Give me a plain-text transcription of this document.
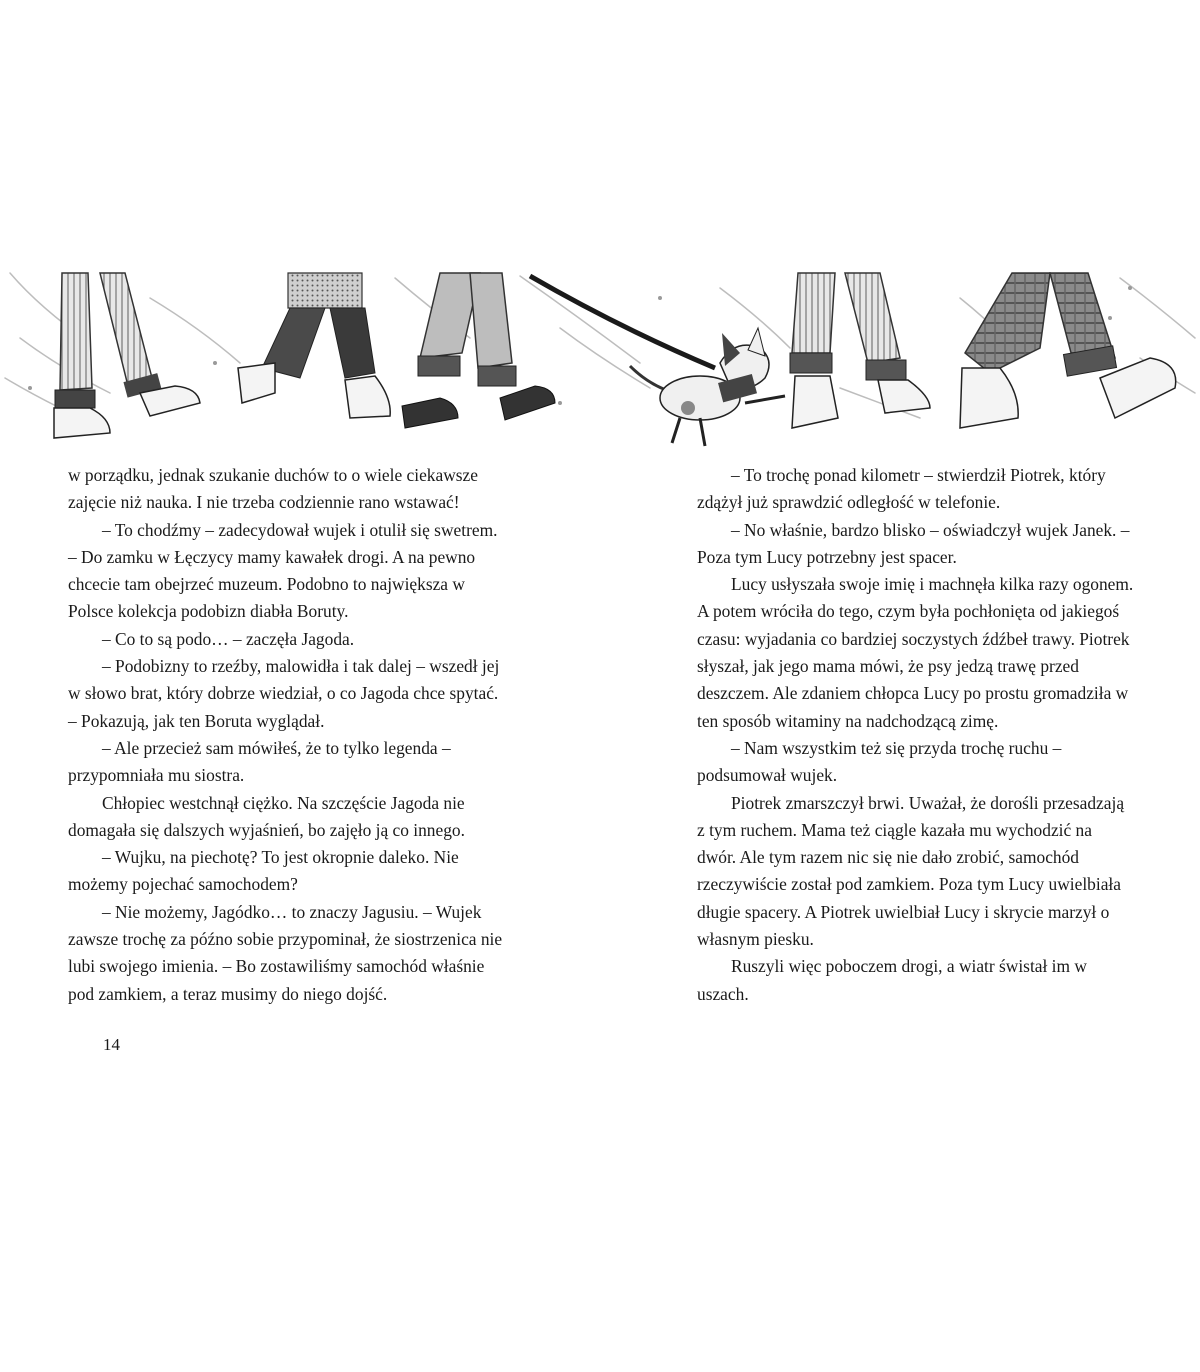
w porządku, jednak szukanie duchów to o wiele ciekawsze zajęcie niż nauka. I nie trzeba codziennie rano wstawać!

– To chodźmy – zadecydował wujek i otulił się swetrem. – Do zamku w Łęczycy mamy kawałek drogi. A na pewno chcecie tam obejrzeć muzeum. Podobno to największa w Polsce kolekcja podobizn diabła Boruty.

– Co to są podo… – zaczęła Jagoda.

– Podobizny to rzeźby, malowidła i tak dalej – wszedł jej w słowo brat, który dobrze wiedział, o co Jagoda chce spytać. – Pokazują, jak ten Boruta wyglądał.

– Ale przecież sam mówiłeś, że to tylko legenda – przypomniała mu siostra.

Chłopiec westchnął ciężko. Na szczęście Jagoda nie domagała się dalszych wyjaśnień, bo zajęło ją co innego.

– Wujku, na piechotę? To jest okropnie daleko. Nie możemy pojechać samochodem?

– Nie możemy, Jagódko… to znaczy Jagusiu. – Wujek zawsze trochę za późno sobie przypominał, że siostrzenica nie lubi swojego imienia. – Bo zostawiliśmy samochód właśnie pod zamkiem, a teraz musimy do niego dojść.

– To trochę ponad kilometr – stwierdził Piotrek, który zdążył już sprawdzić odległość w telefonie.

– No właśnie, bardzo blisko – oświadczył wujek Janek. – Poza tym Lucy potrzebny jest spacer.

Lucy usłyszała swoje imię i machnęła kilka razy ogonem. A potem wróciła do tego, czym była pochłonięta od jakiegoś czasu: wyjadania co bardziej soczystych źdźbeł trawy. Piotrek słyszał, jak jego mama mówi, że psy jedzą trawę przed deszczem. Ale zdaniem chłopca Lucy po prostu gromadziła w ten sposób witaminy na nadchodzącą zimę.

– Nam wszystkim też się przyda trochę ruchu – podsumował wujek.

Piotrek zmarszczył brwi. Uważał, że dorośli przesadzają z tym ruchem. Mama też ciągle kazała mu wychodzić na dwór. Ale tym razem nic się nie dało zrobić, samochód rzeczywiście został pod zamkiem. Poza tym Lucy uwielbiała długie spacery. A Piotrek uwielbiał Lucy i skrycie marzył o własnym piesku.

Ruszyli więc poboczem drogi, a wiatr świstał im w uszach.

14
